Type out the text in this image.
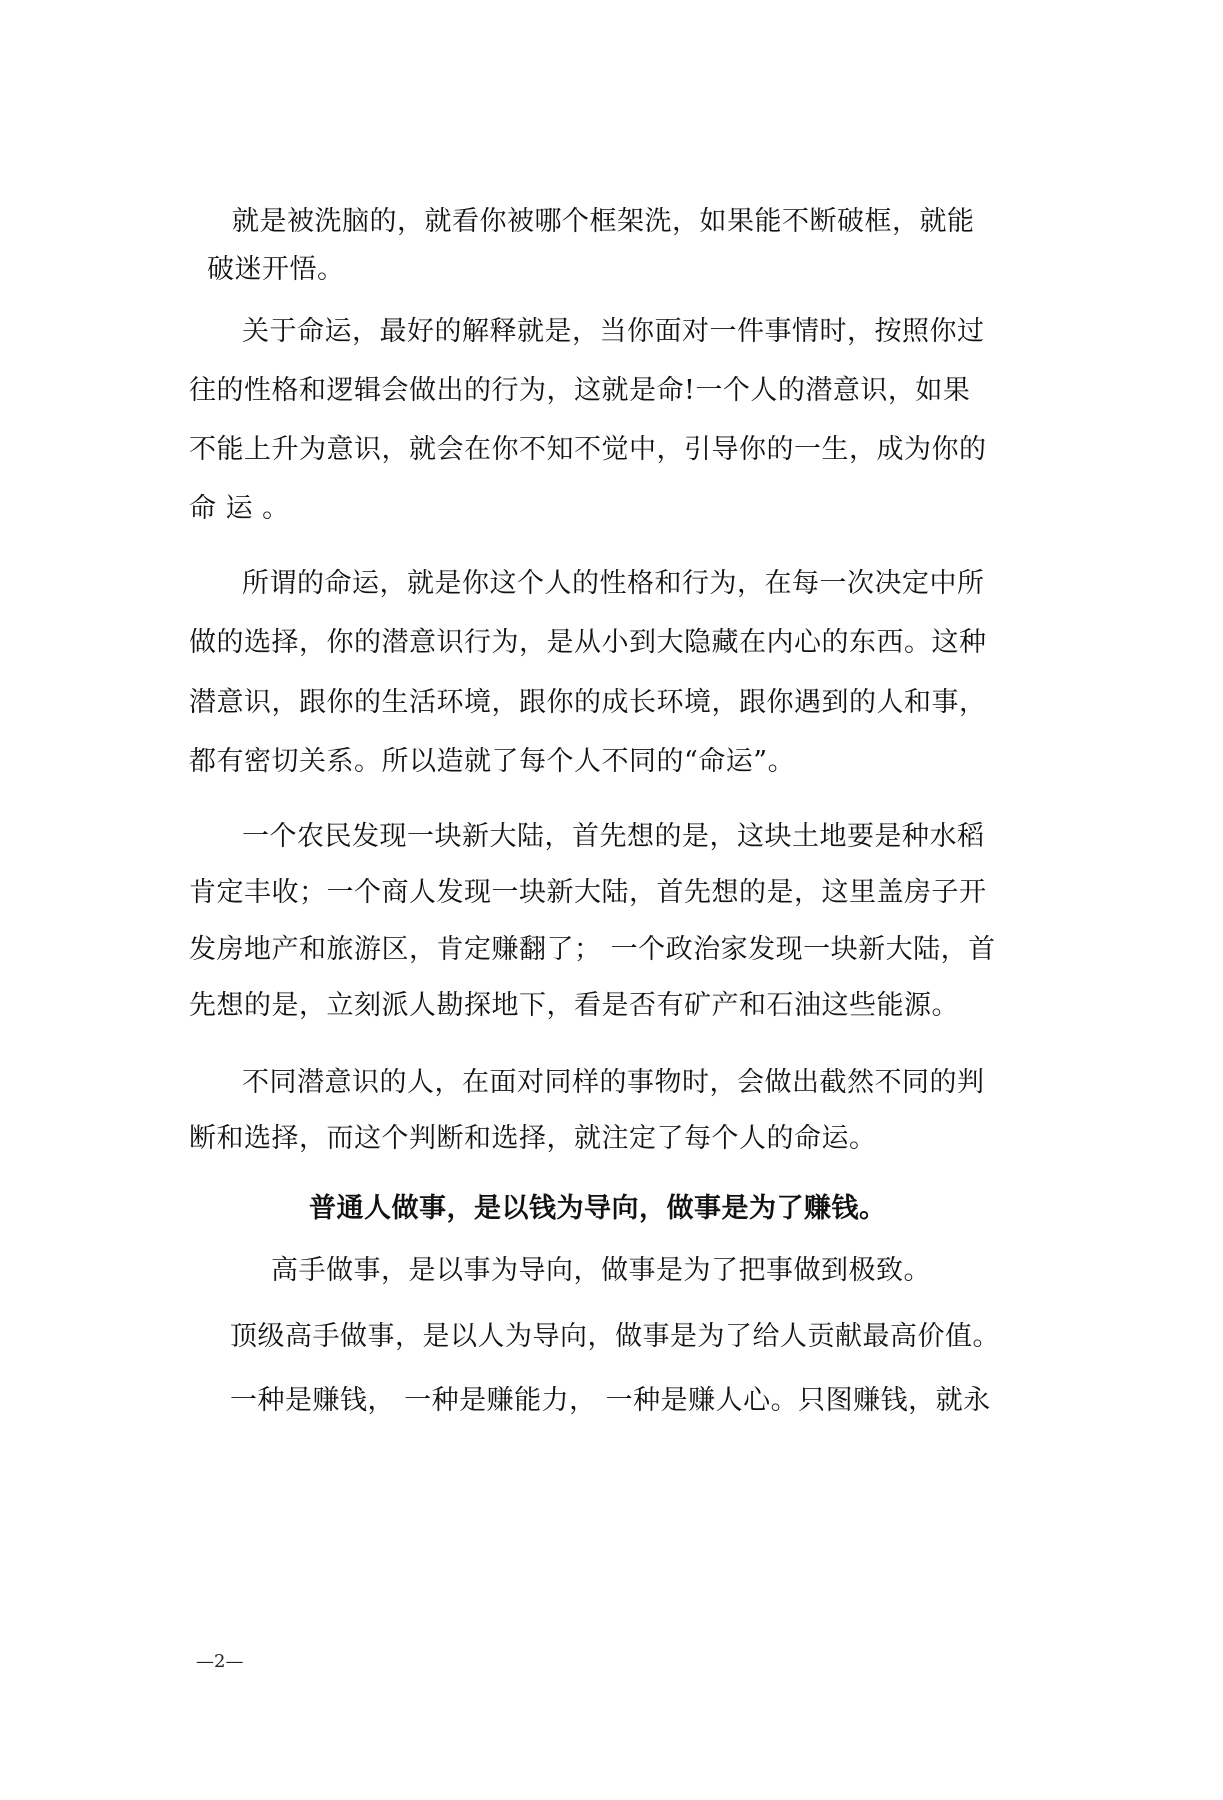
就是被洗脑的，就看你被哪个框架洗，如果能不断破框，就能
破迷开悟。
关于命运，最好的解释就是，当你面对一件事情时，按照你过
往的性格和逻辑会做出的行为，这就是命!一个人的潜意识，如果
不能上升为意识，就会在你不知不觉中，引导你的一生，成为你的
命 运 。
所谓的命运，就是你这个人的性格和行为，在每一次决定中所
做的选择，你的潜意识行为，是从小到大隐藏在内心的东西。这种
潜意识，跟你的生活环境，跟你的成长环境，跟你遇到的人和事，
都有密切关系。所以造就了每个人不同的“命运”。
一个农民发现一块新大陆，首先想的是，这块土地要是种水稻
肯定丰收；一个商人发现一块新大陆，首先想的是，这里盖房子开
发房地产和旅游区，肯定赚翻了； 一个政治家发现一块新大陆，首
先想的是，立刻派人勘探地下，看是否有矿产和石油这些能源。
不同潜意识的人，在面对同样的事物时，会做出截然不同的判
断和选择，而这个判断和选择，就注定了每个人的命运。
普通人做事，是以钱为导向，做事是为了赚钱。
高手做事，是以事为导向，做事是为了把事做到极致。
顶级高手做事，是以人为导向，做事是为了给人贡献最高价值。
一种是赚钱， 一种是赚能力， 一种是赚人心。只图赚钱，就永
—2—
